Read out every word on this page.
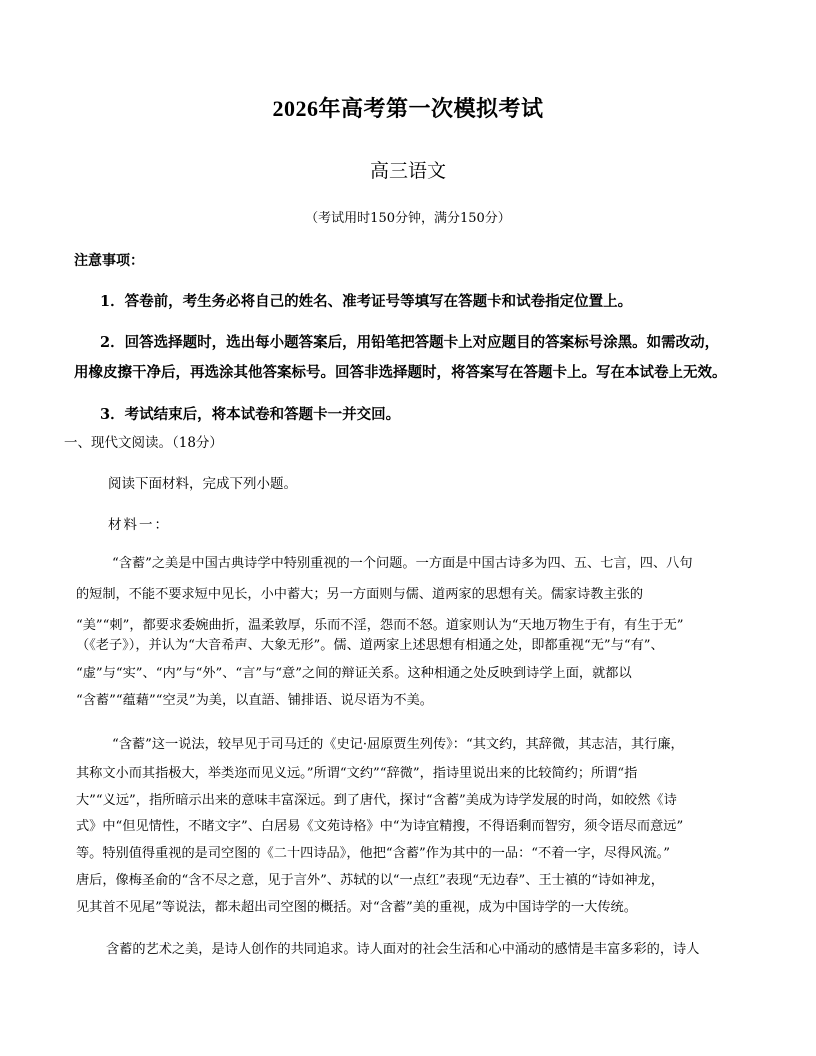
2026年高考第一次模拟考试
高三语文
（考试用时150分钟，满分150分）
注意事项：
1．答卷前，考生务必将自己的姓名、准考证号等填写在答题卡和试卷指定位置上。
2．回答选择题时，选出每小题答案后，用铅笔把答题卡上对应题目的答案标号涂黑。如需改动，
用橡皮擦干净后，再选涂其他答案标号。回答非选择题时，将答案写在答题卡上。写在本试卷上无效。
3．考试结束后，将本试卷和答题卡一并交回。
一、现代文阅读。（18分）
阅读下面材料，完成下列小题。
材料一：
“含蓄”之美是中国古典诗学中特别重视的一个问题。一方面是中国古诗多为四、五、七言，四、八句
的短制，不能不要求短中见长，小中蓄大；另一方面则与儒、道两家的思想有关。儒家诗教主张的
“美”“刺”，都要求委婉曲折，温柔敦厚，乐而不淫，怨而不怒。道家则认为“天地万物生于有，有生于无”
（《老子》），并认为“大音希声、大象无形”。儒、道两家上述思想有相通之处，即都重视“无”与“有”、
“虚”与“实”、“内”与“外”、“言”与“意”之间的辩证关系。这种相通之处反映到诗学上面，就都以
“含蓄”“蕴藉”“空灵”为美，以直語、铺排语、说尽语为不美。
“含蓄”这一说法，较早见于司马迁的《史记·屈原贾生列传》：“其文约，其辞微，其志洁，其行廉，
其称文小而其指极大，举类迩而见义远。”所谓“文约”“辞微”，指诗里说出来的比较简约；所谓“指
大”“义远”，指所暗示出来的意味丰富深远。到了唐代，探讨“含蓄”美成为诗学发展的时尚，如皎然《诗
式》中“但见情性，不睹文字”、白居易《文苑诗格》中“为诗宜精搜，不得语剩而智穷，须令语尽而意远”
等。特别值得重视的是司空图的《二十四诗品》，他把“含蓄”作为其中的一品：“不着一字，尽得风流。”
唐后，像梅圣俞的“含不尽之意，见于言外”、苏轼的以“一点红”表现“无边春”、王士禛的“诗如神龙，
见其首不见尾”等说法，都未超出司空图的概括。对“含蓄”美的重视，成为中国诗学的一大传统。
含蓄的艺术之美，是诗人创作的共同追求。诗人面对的社会生活和心中涌动的感情是丰富多彩的，诗人
